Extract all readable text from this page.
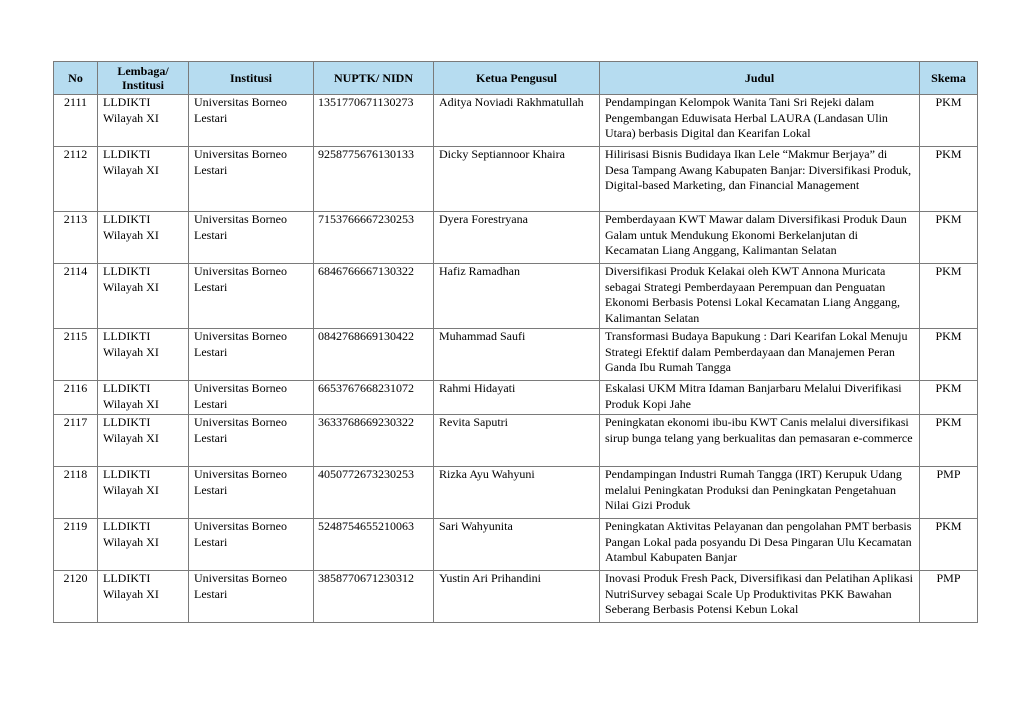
No	Lembaga/ Institusi	Institusi	NUPTK/ NIDN	Ketua Pengusul	Judul	Skema
2111	LLDIKTI Wilayah XI	Universitas Borneo Lestari	1351770671130273	Aditya Noviadi Rakhmatullah	Pendampingan Kelompok Wanita Tani Sri Rejeki dalam Pengembangan Eduwisata Herbal LAURA (Landasan Ulin Utara) berbasis Digital dan Kearifan Lokal	PKM
2112	LLDIKTI Wilayah XI	Universitas Borneo Lestari	9258775676130133	Dicky Septiannoor Khaira	Hilirisasi Bisnis Budidaya Ikan Lele “Makmur Berjaya” di Desa Tampang Awang Kabupaten Banjar: Diversifikasi Produk, Digital-based Marketing, dan Financial Management	PKM
2113	LLDIKTI Wilayah XI	Universitas Borneo Lestari	7153766667230253	Dyera Forestryana	Pemberdayaan KWT Mawar dalam Diversifikasi Produk Daun Galam untuk Mendukung Ekonomi Berkelanjutan di Kecamatan Liang Anggang, Kalimantan Selatan	PKM
2114	LLDIKTI Wilayah XI	Universitas Borneo Lestari	6846766667130322	Hafiz Ramadhan	Diversifikasi Produk Kelakai oleh KWT Annona Muricata sebagai Strategi Pemberdayaan Perempuan dan Penguatan Ekonomi Berbasis Potensi Lokal Kecamatan Liang Anggang, Kalimantan Selatan	PKM
2115	LLDIKTI Wilayah XI	Universitas Borneo Lestari	0842768669130422	Muhammad Saufi	Transformasi Budaya Bapukung : Dari Kearifan Lokal Menuju Strategi Efektif dalam Pemberdayaan dan Manajemen Peran Ganda Ibu Rumah Tangga	PKM
2116	LLDIKTI Wilayah XI	Universitas Borneo Lestari	6653767668231072	Rahmi Hidayati	Eskalasi UKM Mitra Idaman Banjarbaru Melalui Diverifikasi Produk Kopi Jahe	PKM
2117	LLDIKTI Wilayah XI	Universitas Borneo Lestari	3633768669230322	Revita Saputri	Peningkatan ekonomi ibu-ibu KWT Canis melalui diversifikasi sirup bunga telang yang berkualitas dan pemasaran e-commerce	PKM
2118	LLDIKTI Wilayah XI	Universitas Borneo Lestari	4050772673230253	Rizka Ayu Wahyuni	Pendampingan Industri Rumah Tangga (IRT) Kerupuk Udang melalui Peningkatan Produksi dan Peningkatan Pengetahuan Nilai Gizi Produk	PMP
2119	LLDIKTI Wilayah XI	Universitas Borneo Lestari	5248754655210063	Sari Wahyunita	Peningkatan Aktivitas Pelayanan dan pengolahan PMT berbasis Pangan Lokal pada posyandu Di Desa Pingaran Ulu Kecamatan Atambul Kabupaten Banjar	PKM
2120	LLDIKTI Wilayah XI	Universitas Borneo Lestari	3858770671230312	Yustin Ari Prihandini	Inovasi Produk Fresh Pack, Diversifikasi dan Pelatihan Aplikasi NutriSurvey sebagai Scale Up Produktivitas PKK Bawahan Seberang Berbasis Potensi Kebun Lokal	PMP
